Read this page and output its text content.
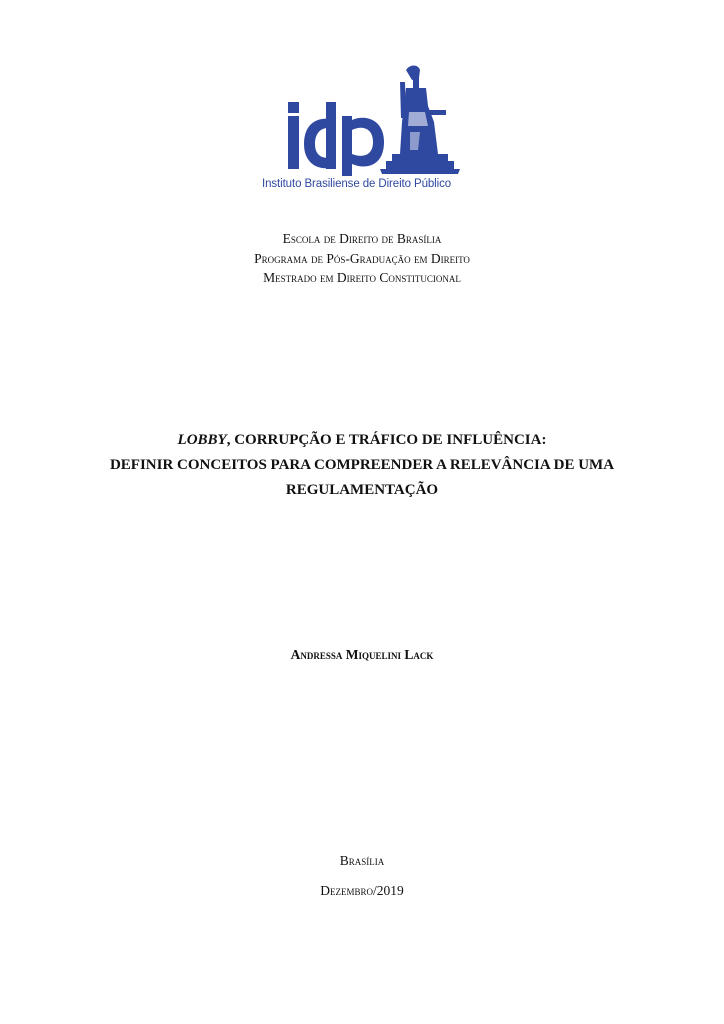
Instituto Brasiliense de Direito Público
Escola de Direito de Brasília
Programa de Pós-Graduação em Direito
Mestrado em Direito Constitucional
LOBBY, CORRUPÇÃO E TRÁFICO DE INFLUÊNCIA:
DEFINIR CONCEITOS PARA COMPREENDER A RELEVÂNCIA DE UMA
REGULAMENTAÇÃO
Andressa Miquelini Lack
Brasília
Dezembro/2019
